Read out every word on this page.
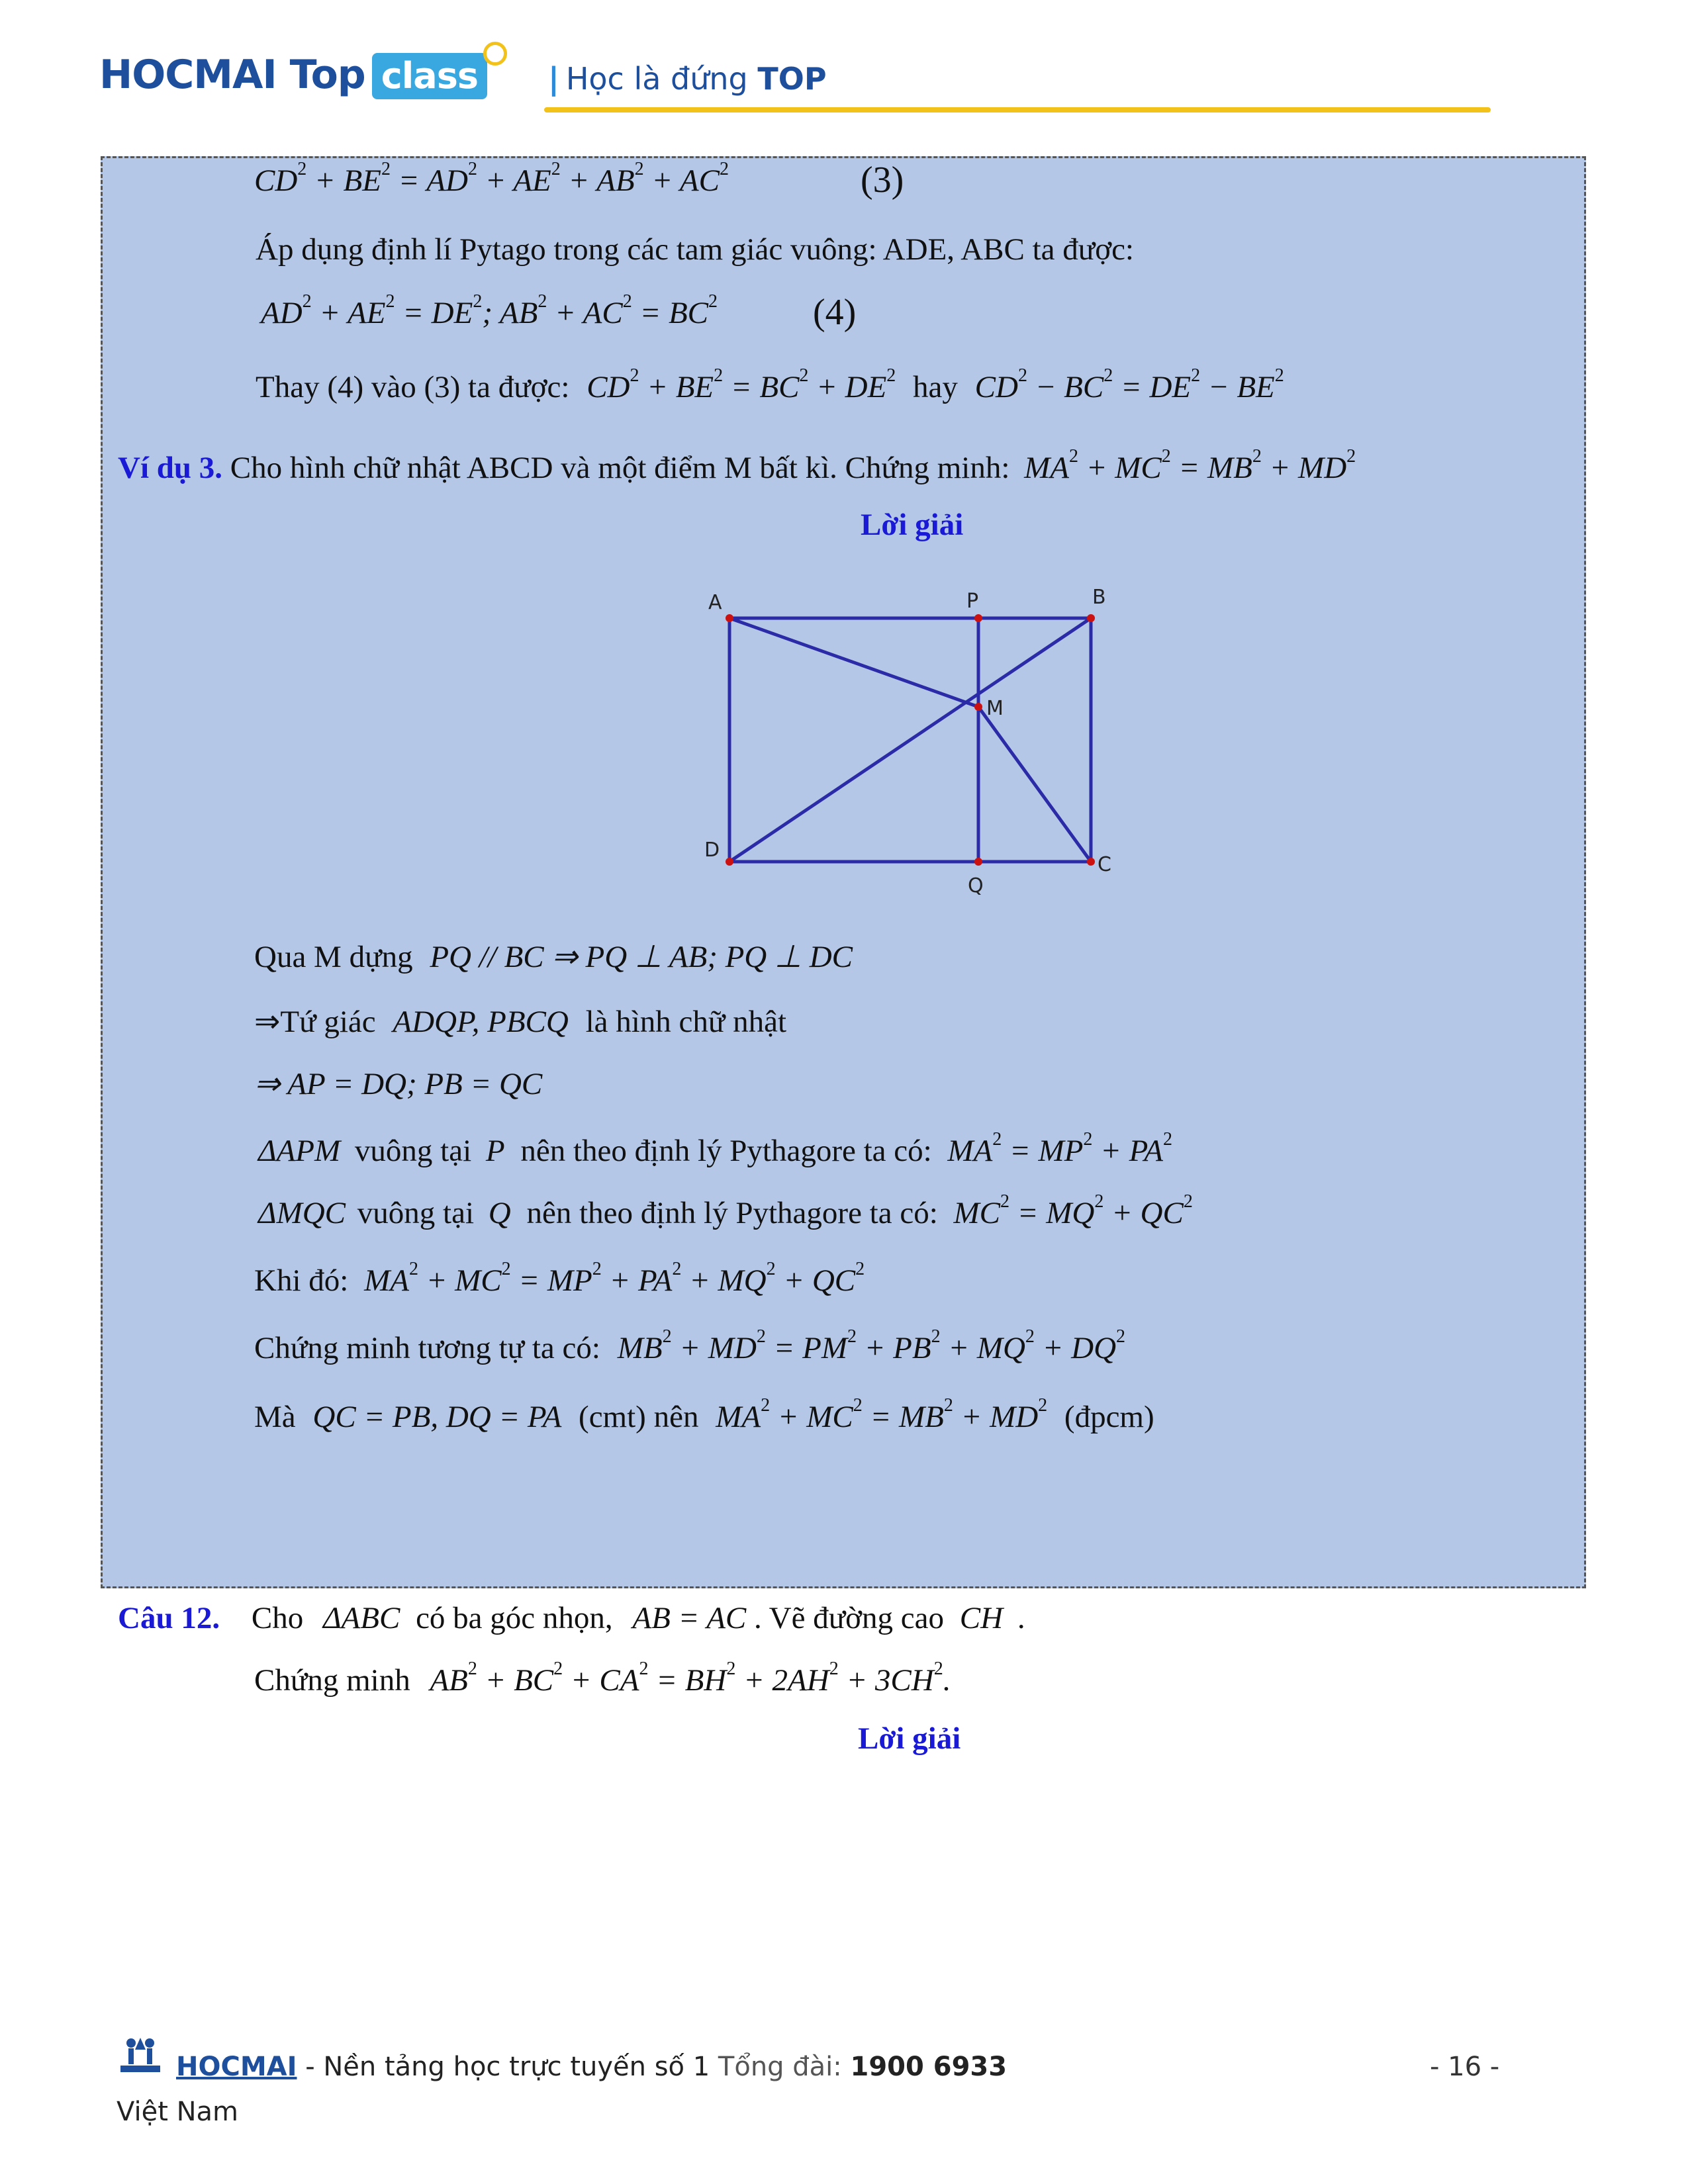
HOCMAI Top class	| Học là đứng TOP
$CD^2 + BE^2 = AD^2 + AE^2 + AB^2 + AC^2$	(3)
Áp dụng định lí Pytago trong các tam giác vuông: ADE, ABC ta được:
$AD^2 + AE^2 = DE^2$; $AB^2 + AC^2 = BC^2$	(4)
Thay (4) vào (3) ta được: $CD^2 + BE^2 = BC^2 + DE^2$ hay $CD^2 - BC^2 = DE^2 - BE^2$
Ví dụ 3. Cho hình chữ nhật ABCD và một điểm M bất kì. Chứng minh: $MA^2 + MC^2 = MB^2 + MD^2$
Lời giải
A	P	B
M
D
Q
C
Qua M dựng PQ // BC ⇒ PQ ⊥ AB; PQ ⊥ DC
⇒Tứ giác ADQP, PBCQ là hình chữ nhật
⇒ AP = DQ; PB = QC
ΔAPM vuông tại P nên theo định lý Pythagore ta có: $MA^2 = MP^2 + PA^2$
ΔMQC vuông tại Q nên theo định lý Pythagore ta có: $MC^2 = MQ^2 + QC^2$
Khi đó: $MA^2 + MC^2 = MP^2 + PA^2 + MQ^2 + QC^2$
Chứng minh tương tự ta có: $MB^2 + MD^2 = PM^2 + PB^2 + MQ^2 + DQ^2$
Mà QC = PB, DQ = PA (cmt) nên $MA^2 + MC^2 = MB^2 + MD^2$ (đpcm)
Câu 12. Cho ΔABC có ba góc nhọn, AB = AC . Vẽ đường cao CH .
Chứng minh $AB^2 + BC^2 + CA^2 = BH^2 + 2AH^2 + 3CH^2$.
Lời giải
HOCMAI - Nền tảng học trực tuyến số 1 Tổng đài: 1900 6933
Việt Nam
- 16 -
